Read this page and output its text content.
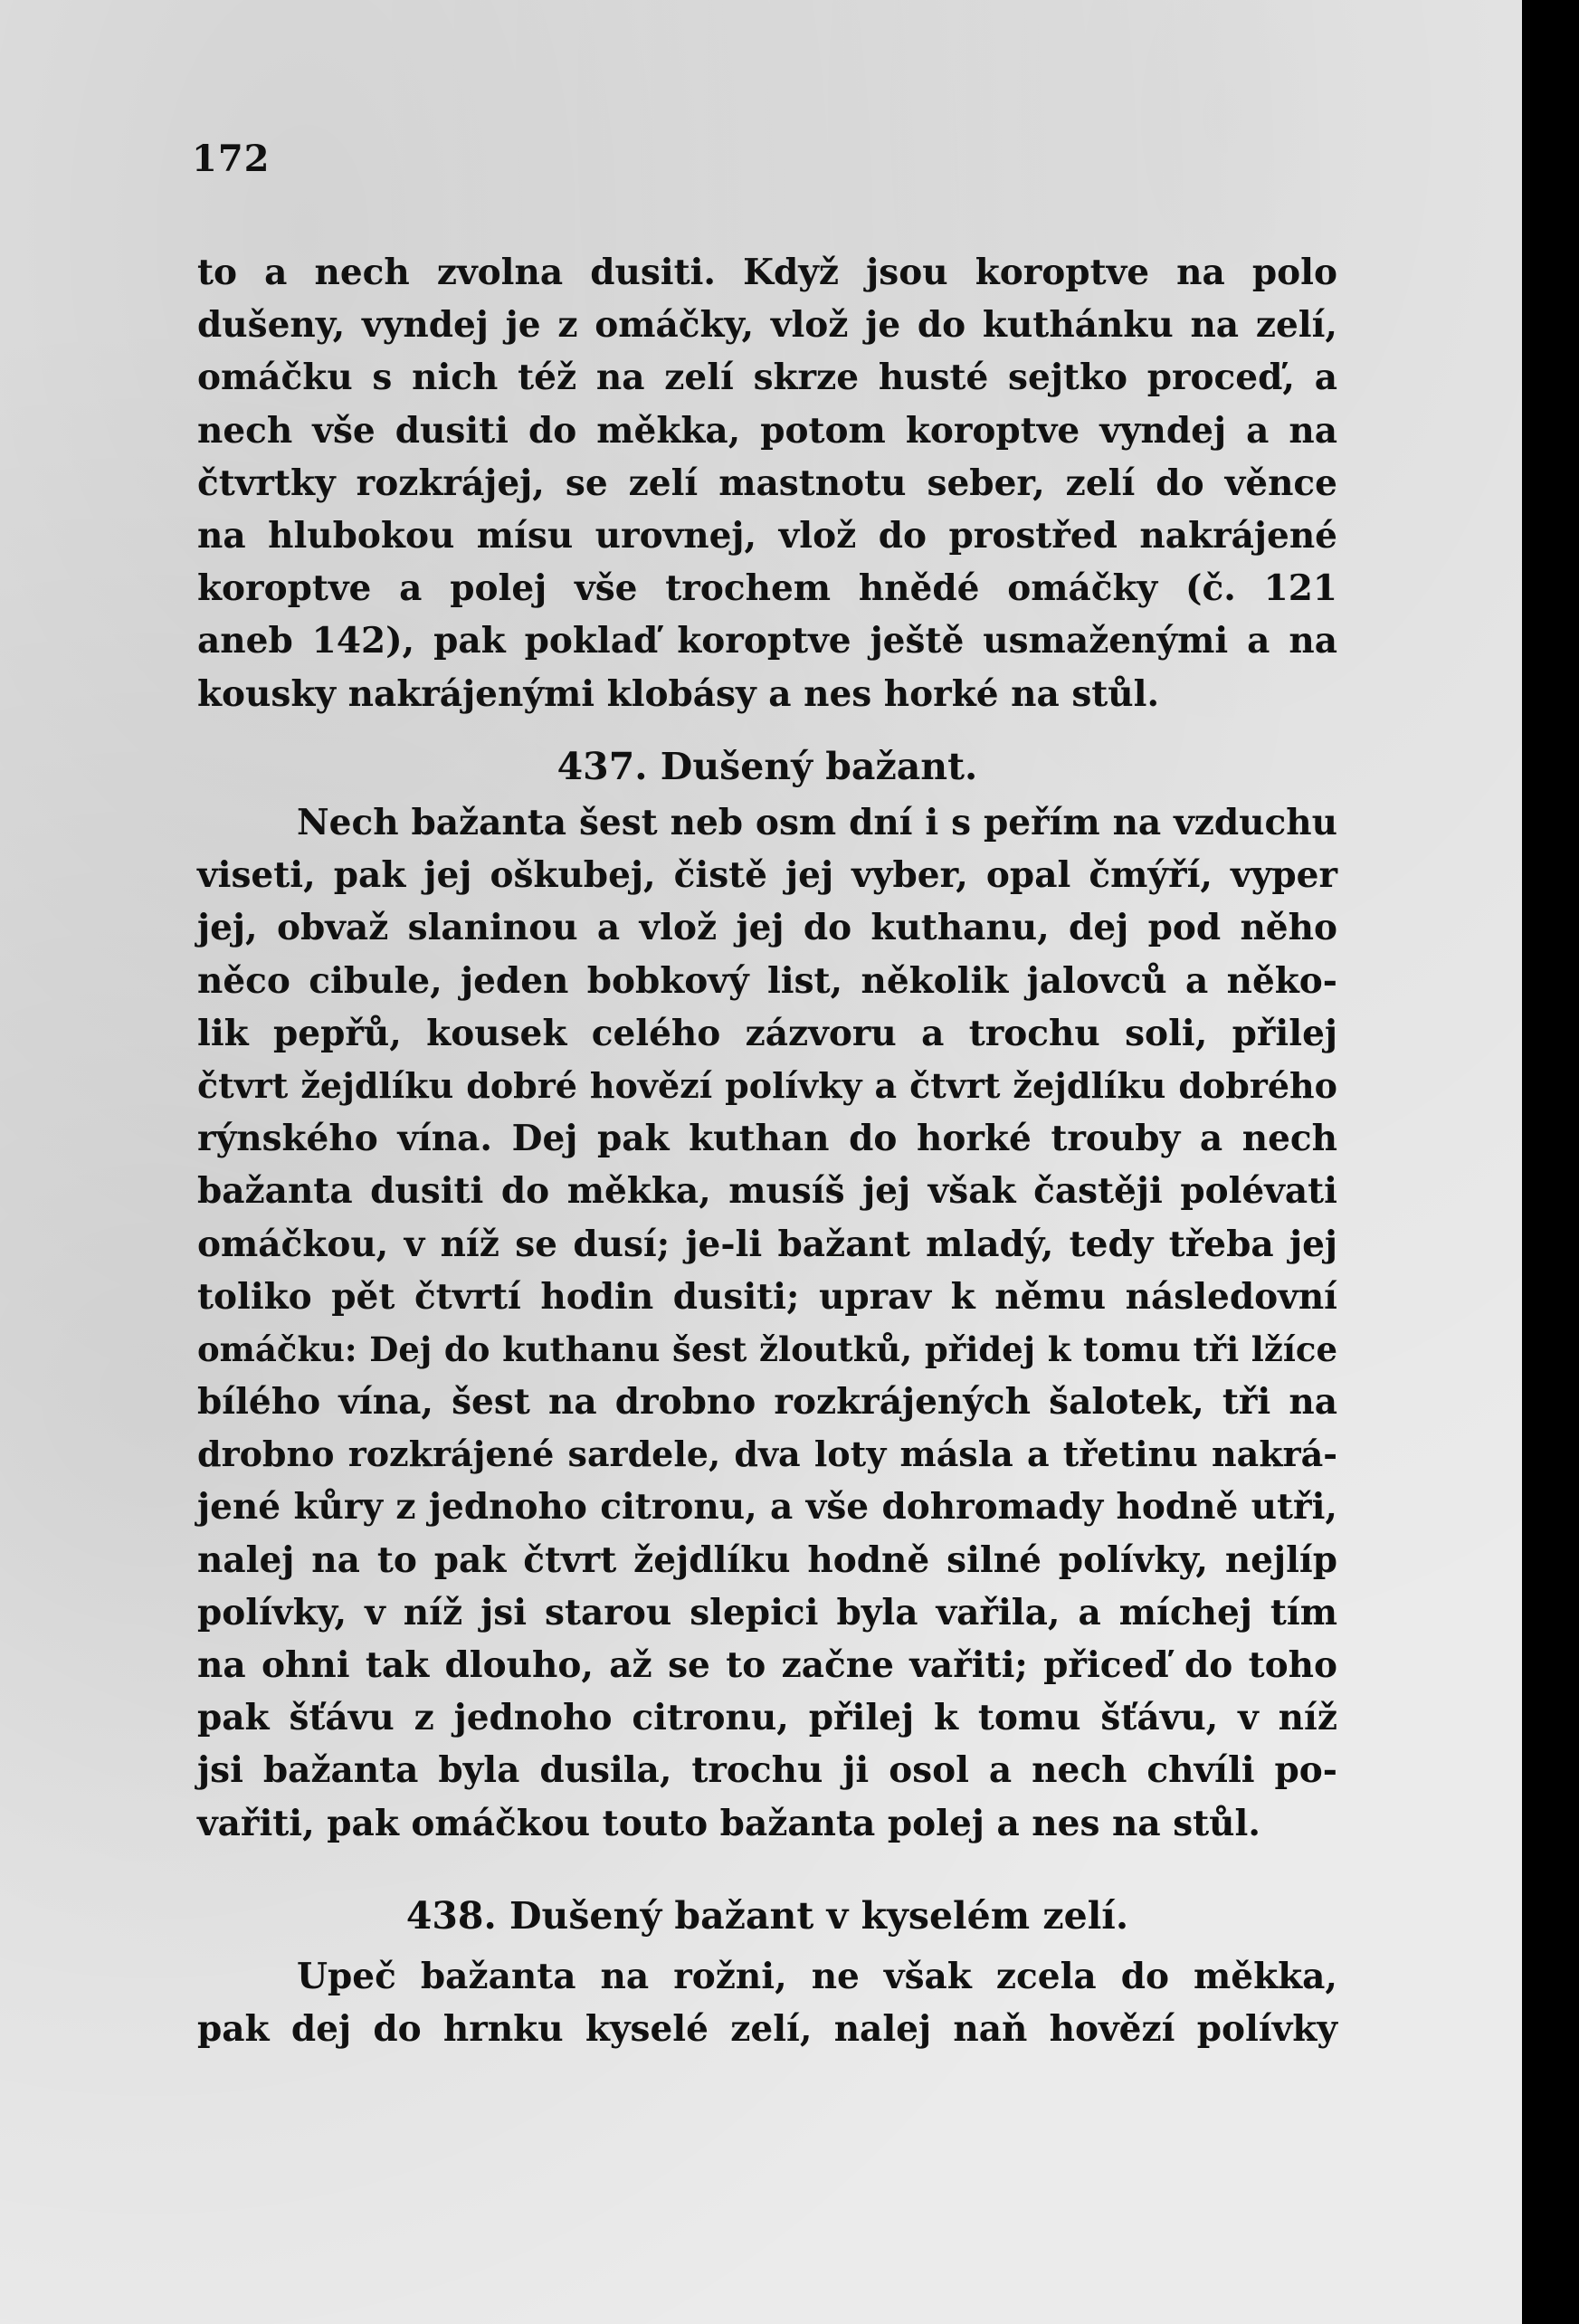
172
to a nech zvolna dusiti. Když jsou koroptve na polo
dušeny, vyndej je z omáčky, vlož je do kuthánku na zelí,
omáčku s nich též na zelí skrze husté sejtko proceď, a
nech vše dusiti do měkka, potom koroptve vyndej a na
čtvrtky rozkrájej, se zelí mastnotu seber, zelí do věnce
na hlubokou mísu urovnej, vlož do prostřed nakrájené
koroptve a polej vše trochem hnědé omáčky (č. 121
aneb 142), pak poklaď koroptve ještě usmaženými a na
kousky nakrájenými klobásy a nes horké na stůl.
437. Dušený bažant.
Nech bažanta šest neb osm dní i s peřím na vzduchu
viseti, pak jej oškubej, čistě jej vyber, opal čmýří, vyper
jej, obvaž slaninou a vlož jej do kuthanu, dej pod něho
něco cibule, jeden bobkový list, několik jalovců a něko-
lik pepřů, kousek celého zázvoru a trochu soli, přilej
čtvrt žejdlíku dobré hovězí polívky a čtvrt žejdlíku dobrého
rýnského vína. Dej pak kuthan do horké trouby a nech
bažanta dusiti do měkka, musíš jej však častěji polévati
omáčkou, v níž se dusí; je-li bažant mladý, tedy třeba jej
toliko pět čtvrtí hodin dusiti; uprav k němu následovní
omáčku: Dej do kuthanu šest žloutků, přidej k tomu tři lžíce
bílého vína, šest na drobno rozkrájených šalotek, tři na
drobno rozkrájené sardele, dva loty másla a třetinu nakrá-
jené kůry z jednoho citronu, a vše dohromady hodně utři,
nalej na to pak čtvrt žejdlíku hodně silné polívky, nejlíp
polívky, v níž jsi starou slepici byla vařila, a míchej tím
na ohni tak dlouho, až se to začne vařiti; přiceď do toho
pak šťávu z jednoho citronu, přilej k tomu šťávu, v níž
jsi bažanta byla dusila, trochu ji osol a nech chvíli po-
vařiti, pak omáčkou touto bažanta polej a nes na stůl.
438. Dušený bažant v kyselém zelí.
Upeč bažanta na rožni, ne však zcela do měkka,
pak dej do hrnku kyselé zelí, nalej naň hovězí polívky
